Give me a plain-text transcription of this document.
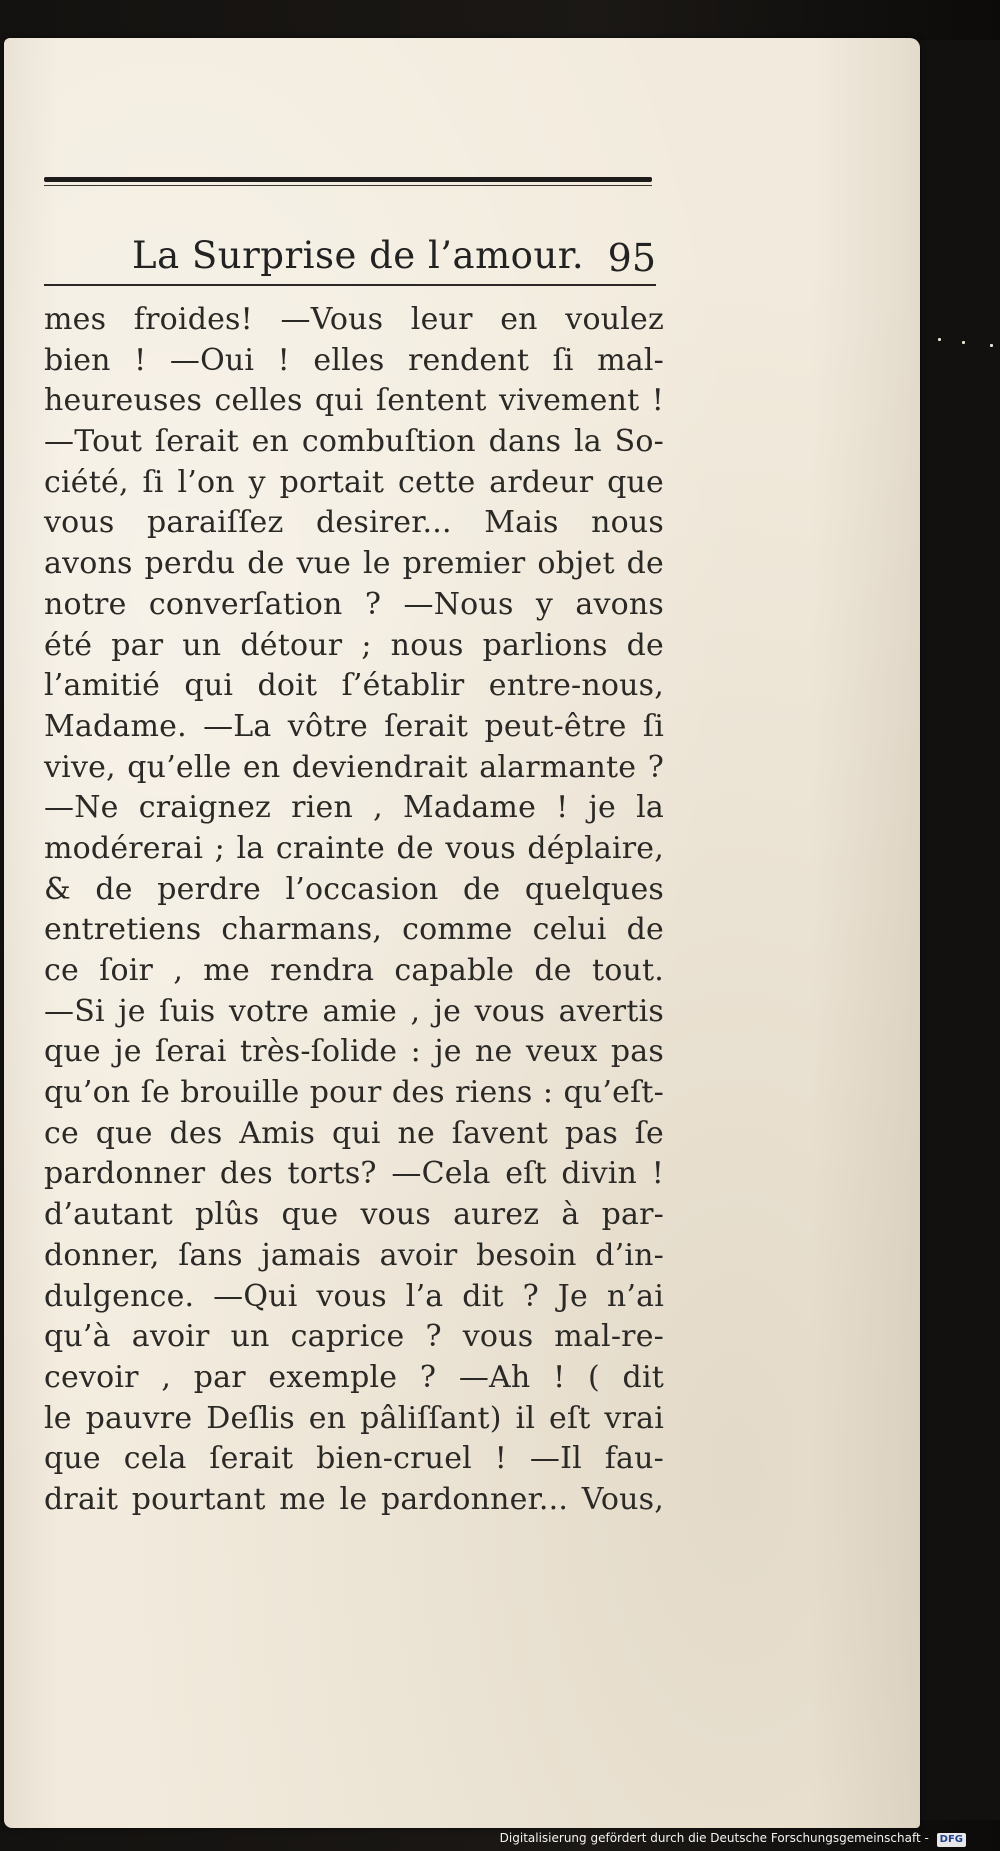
La Surprise de l’amour. 95
mes froides! —Vous leur en voulez
bien ! —Oui ! elles rendent ſi mal-
heureuses celles qui ſentent vivement !
—Tout ſerait en combuſtion dans la So-
ciété, ſi l’on y portait cette ardeur que
vous paraiſſez desirer... Mais nous
avons perdu de vue le premier objet de
notre converſation ? —Nous y avons
été par un détour ; nous parlions de
l’amitié qui doit ſ’établir entre-nous,
Madame. —La vôtre ſerait peut-être ſi
vive, qu’elle en deviendrait alarmante ?
—Ne craignez rien , Madame ! je la
modérerai ; la crainte de vous déplaire,
& de perdre l’occasion de quelques
entretiens charmans, comme celui de
ce ſoir , me rendra capable de tout.
—Si je ſuis votre amie , je vous avertis
que je ſerai très-ſolide : je ne veux pas
qu’on ſe brouille pour des riens : qu’eſt-
ce que des Amis qui ne ſavent pas ſe
pardonner des torts? —Cela eſt divin !
d’autant plûs que vous aurez à par-
donner, ſans jamais avoir besoin d’in-
dulgence. —Qui vous l’a dit ? Je n’ai
qu’à avoir un caprice ? vous mal-re-
cevoir , par exemple ? —Ah ! ( dit
le pauvre Deſlis en pâliſſant) il eſt vrai
que cela ſerait bien-cruel ! —Il fau-
drait pourtant me le pardonner... Vous,
Digitalisierung gefördert durch die Deutsche Forschungsgemeinschaft - DFG
